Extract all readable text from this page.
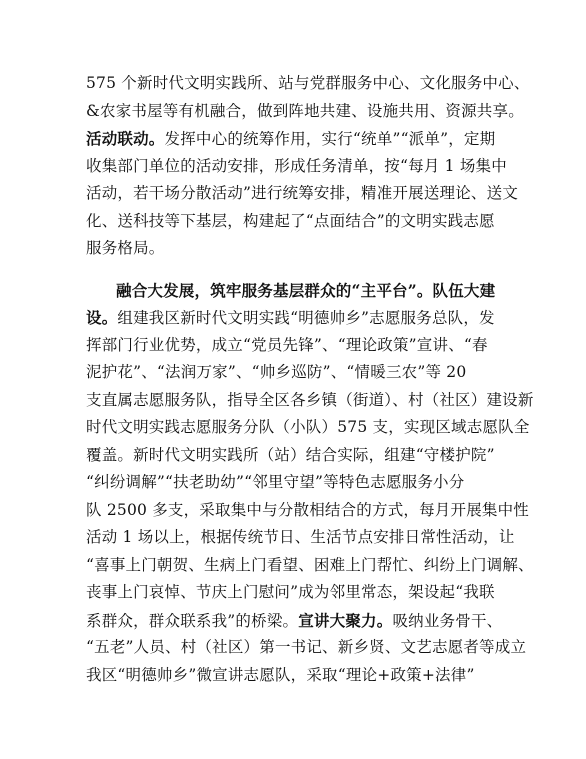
575 个新时代文明实践所、站与党群服务中心、文化服务中心、
&农家书屋等有机融合，做到阵地共建、设施共用、资源共享。
活动联动。发挥中心的统筹作用，实行“统单”“派单”，定期
收集部门单位的活动安排，形成任务清单，按“每月 1 场集中
活动，若干场分散活动”进行统筹安排，精准开展送理论、送文
化、送科技等下基层，构建起了“点面结合”的文明实践志愿
服务格局。
融合大发展，筑牢服务基层群众的“主平台”。队伍大建
设。组建我区新时代文明实践“明德帅乡”志愿服务总队，发
挥部门行业优势，成立“党员先锋”、“理论政策”宣讲、“春
泥护花”、“法润万家”、“帅乡巡防”、“情暖三农”等 20
支直属志愿服务队，指导全区各乡镇（街道）、村（社区）建设新
时代文明实践志愿服务分队（小队）575 支，实现区域志愿队全
覆盖。新时代文明实践所（站）结合实际，组建“守楼护院”
“纠纷调解”“扶老助幼”“邻里守望”等特色志愿服务小分
队 2500 多支，采取集中与分散相结合的方式，每月开展集中性
活动 1 场以上，根据传统节日、生活节点安排日常性活动，让
“喜事上门朝贺、生病上门看望、困难上门帮忙、纠纷上门调解、
丧事上门哀悼、节庆上门慰问”成为邻里常态，架设起“我联
系群众，群众联系我”的桥梁。宣讲大聚力。吸纳业务骨干、
“五老”人员、村（社区）第一书记、新乡贤、文艺志愿者等成立
我区“明德帅乡”微宣讲志愿队，采取“理论+政策+法律”
